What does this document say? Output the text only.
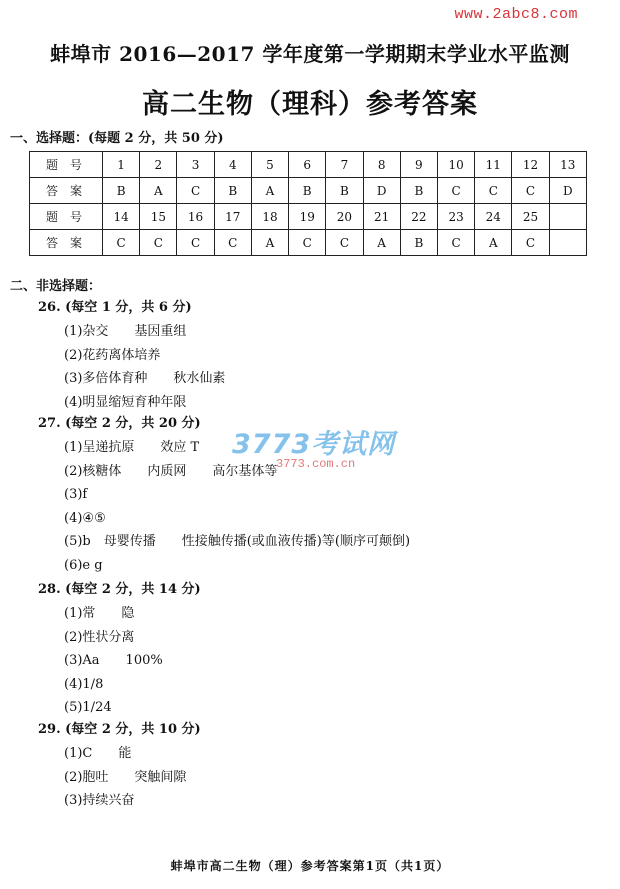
www.2abc8.com
蚌埠市 2016—2017 学年度第一学期期末学业水平监测
高二生物（理科）参考答案
一、选择题：(每题 2 分，共 50 分)
题号	1	2	3	4	5	6	7	8	9	10	11	12	13
答案	B	A	C	B	A	B	B	D	B	C	C	C	D
题号	14	15	16	17	18	19	20	21	22	23	24	25	
答案	C	C	C	C	A	C	C	A	B	C	A	C	
二、非选择题：
26. (每空 1 分，共 6 分)
(1)杂交　　基因重组
(2)花药离体培养
(3)多倍体育种　　秋水仙素
(4)明显缩短育种年限
27. (每空 2 分，共 20 分)
(1)呈递抗原　　效应 T
(2)核糖体　　内质网　　高尔基体等
(3)f
(4)④⑤
(5)b　母婴传播　　性接触传播(或血液传播)等(顺序可颠倒)
(6)e g
28. (每空 2 分，共 14 分)
(1)常　　隐
(2)性状分离
(3)Aa　　100%
(4)1/8
(5)1/24
29. (每空 2 分，共 10 分)
(1)C　　能
(2)胞吐　　突触间隙
(3)持续兴奋
3773考试网
3773.com.cn
蚌埠市高二生物（理）参考答案第1页（共1页）
